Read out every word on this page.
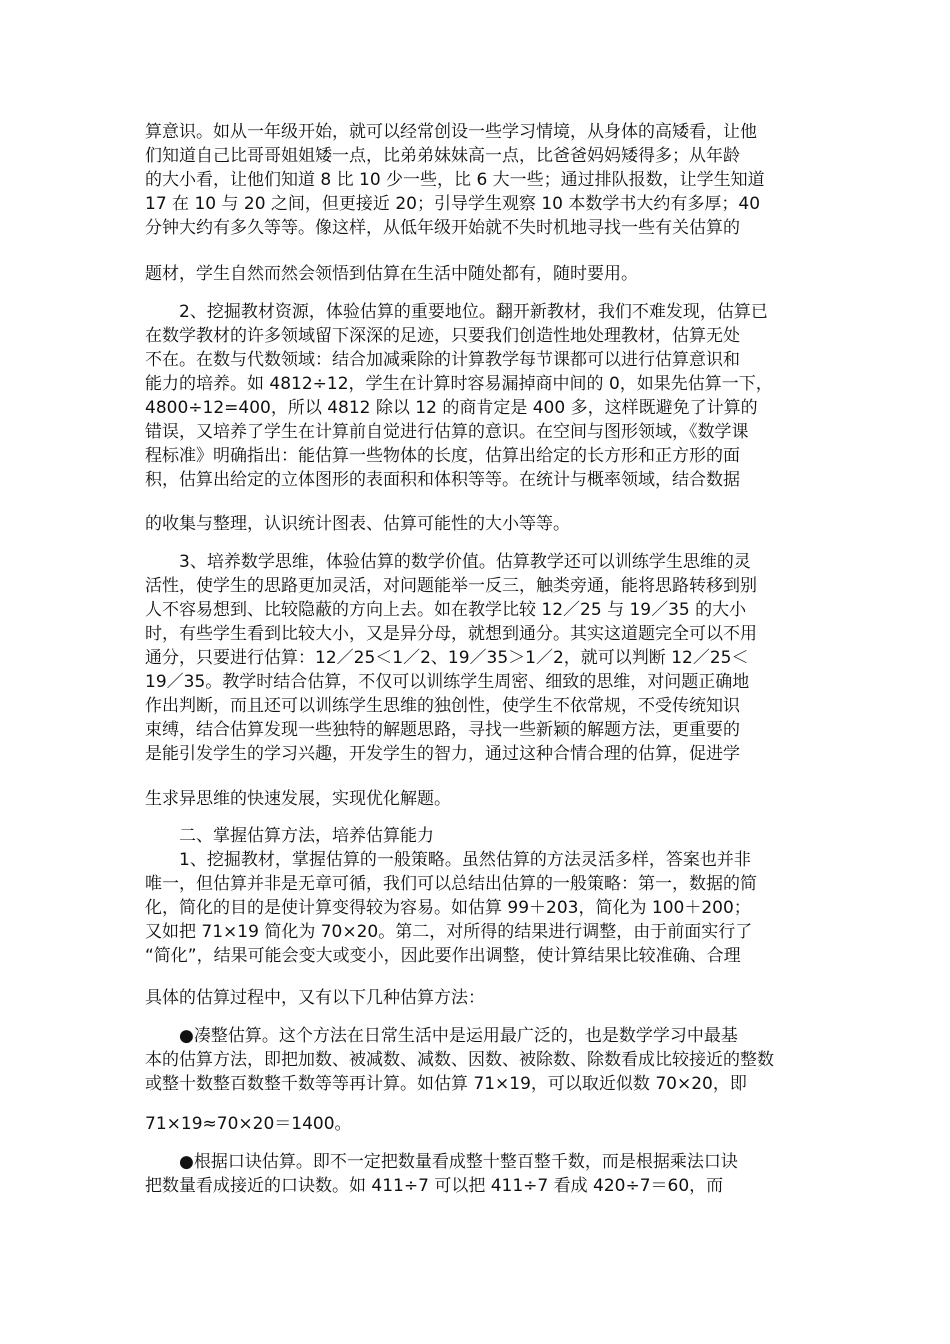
算意识。如从一年级开始，就可以经常创设一些学习情境，从身体的高矮看，让他
们知道自己比哥哥姐姐矮一点，比弟弟妹妹高一点，比爸爸妈妈矮得多；从年龄
的大小看，让他们知道 8 比 10 少一些，比 6 大一些；通过排队报数，让学生知道
17 在 10 与 20 之间，但更接近 20；引导学生观察 10 本数学书大约有多厚；40
分钟大约有多久等等。像这样，从低年级开始就不失时机地寻找一些有关估算的
题材，学生自然而然会领悟到估算在生活中随处都有，随时要用。
2、挖掘教材资源，体验估算的重要地位。翻开新教材，我们不难发现，估算已
在数学教材的许多领域留下深深的足迹，只要我们创造性地处理教材，估算无处
不在。在数与代数领域：结合加减乘除的计算教学每节课都可以进行估算意识和
能力的培养。如 4812÷12，学生在计算时容易漏掉商中间的 0，如果先估算一下，
4800÷12=400，所以 4812 除以 12 的商肯定是 400 多，这样既避免了计算的
错误，又培养了学生在计算前自觉进行估算的意识。在空间与图形领域，《数学课
程标准》明确指出：能估算一些物体的长度，估算出给定的长方形和正方形的面
积，估算出给定的立体图形的表面积和体积等等。在统计与概率领域，结合数据
的收集与整理，认识统计图表、估算可能性的大小等等。
3、培养数学思维，体验估算的数学价值。估算教学还可以训练学生思维的灵
活性，使学生的思路更加灵活，对问题能举一反三，触类旁通，能将思路转移到别
人不容易想到、比较隐蔽的方向上去。如在教学比较 12／25 与 19／35 的大小
时，有些学生看到比较大小，又是异分母，就想到通分。其实这道题完全可以不用
通分，只要进行估算：12／25＜1／2、19／35＞1／2，就可以判断 12／25＜
19／35。教学时结合估算，不仅可以训练学生周密、细致的思维，对问题正确地
作出判断，而且还可以训练学生思维的独创性，使学生不依常规，不受传统知识
束缚，结合估算发现一些独特的解题思路，寻找一些新颖的解题方法，更重要的
是能引发学生的学习兴趣，开发学生的智力，通过这种合情合理的估算，促进学
生求异思维的快速发展，实现优化解题。
二、掌握估算方法，培养估算能力
1、挖掘教材，掌握估算的一般策略。虽然估算的方法灵活多样，答案也并非
唯一，但估算并非是无章可循，我们可以总结出估算的一般策略：第一，数据的简
化，简化的目的是使计算变得较为容易。如估算 99＋203，简化为 100＋200；
又如把 71×19 简化为 70×20。第二，对所得的结果进行调整，由于前面实行了
“简化”，结果可能会变大或变小，因此要作出调整，使计算结果比较准确、合理
具体的估算过程中，又有以下几种估算方法：
●凑整估算。这个方法在日常生活中是运用最广泛的，也是数学学习中最基
本的估算方法，即把加数、被减数、减数、因数、被除数、除数看成比较接近的整数
或整十数整百数整千数等等再计算。如估算 71×19，可以取近似数 70×20，即
71×19≈70×20＝1400。
●根据口诀估算。即不一定把数量看成整十整百整千数，而是根据乘法口诀
把数量看成接近的口诀数。如 411÷7 可以把 411÷7 看成 420÷7＝60，而
